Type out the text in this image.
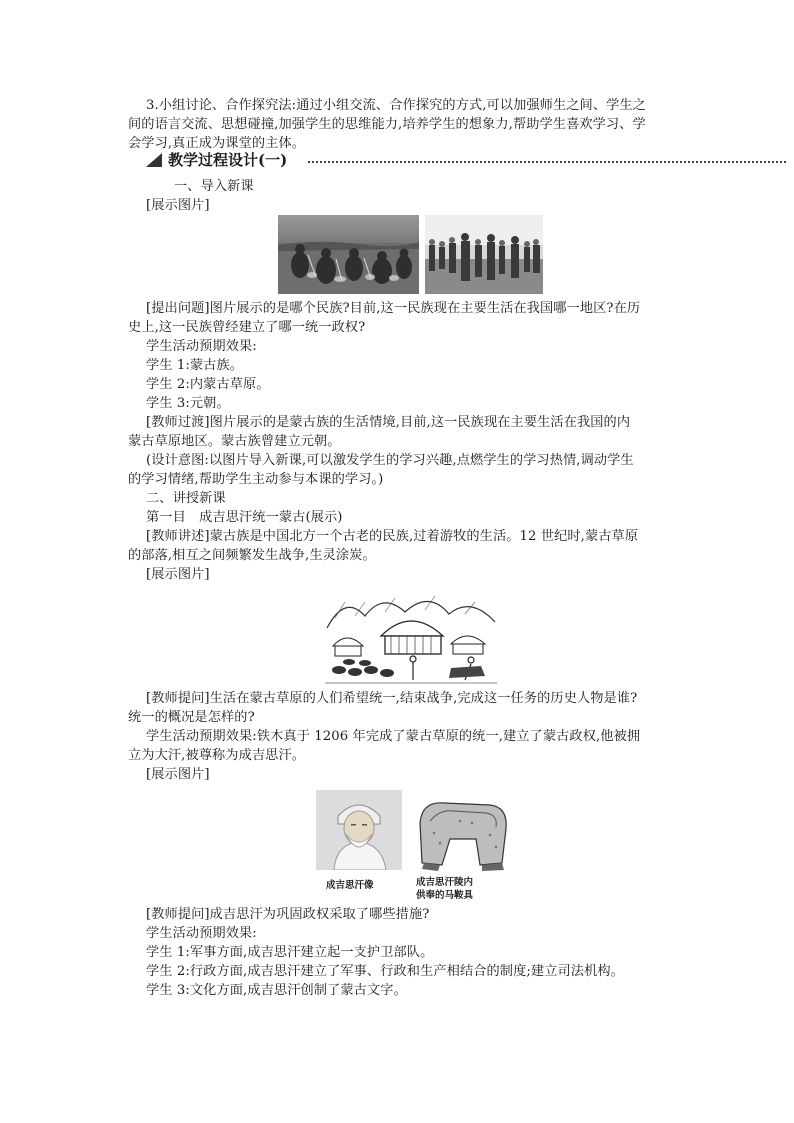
3.小组讨论、合作探究法:通过小组交流、合作探究的方式,可以加强师生之间、学生之
间的语言交流、思想碰撞,加强学生的思维能力,培养学生的想象力,帮助学生喜欢学习、学
会学习,真正成为课堂的主体。
教学过程设计(一)
一、导入新课
[展示图片]
[提出问题]图片展示的是哪个民族?目前,这一民族现在主要生活在我国哪一地区?在历
史上,这一民族曾经建立了哪一统一政权?
学生活动预期效果:
学生 1:蒙古族。
学生 2:内蒙古草原。
学生 3:元朝。
[教师过渡]图片展示的是蒙古族的生活情境,目前,这一民族现在主要生活在我国的内
蒙古草原地区。蒙古族曾建立元朝。
(设计意图:以图片导入新课,可以激发学生的学习兴趣,点燃学生的学习热情,调动学生
的学习情绪,帮助学生主动参与本课的学习。)
二、讲授新课
第一目　成吉思汗统一蒙古(展示)
[教师讲述]蒙古族是中国北方一个古老的民族,过着游牧的生活。12 世纪时,蒙古草原
的部落,相互之间频繁发生战争,生灵涂炭。
[展示图片]
[教师提问]生活在蒙古草原的人们希望统一,结束战争,完成这一任务的历史人物是谁?
统一的概况是怎样的?
学生活动预期效果:铁木真于 1206 年完成了蒙古草原的统一,建立了蒙古政权,他被拥
立为大汗,被尊称为成吉思汗。
[展示图片]
成吉思汗像	成吉思汗陵内
供奉的马鞍具
[教师提问]成吉思汗为巩固政权采取了哪些措施?
学生活动预期效果:
学生 1:军事方面,成吉思汗建立起一支护卫部队。
学生 2:行政方面,成吉思汗建立了军事、行政和生产相结合的制度;建立司法机构。
学生 3:文化方面,成吉思汗创制了蒙古文字。
